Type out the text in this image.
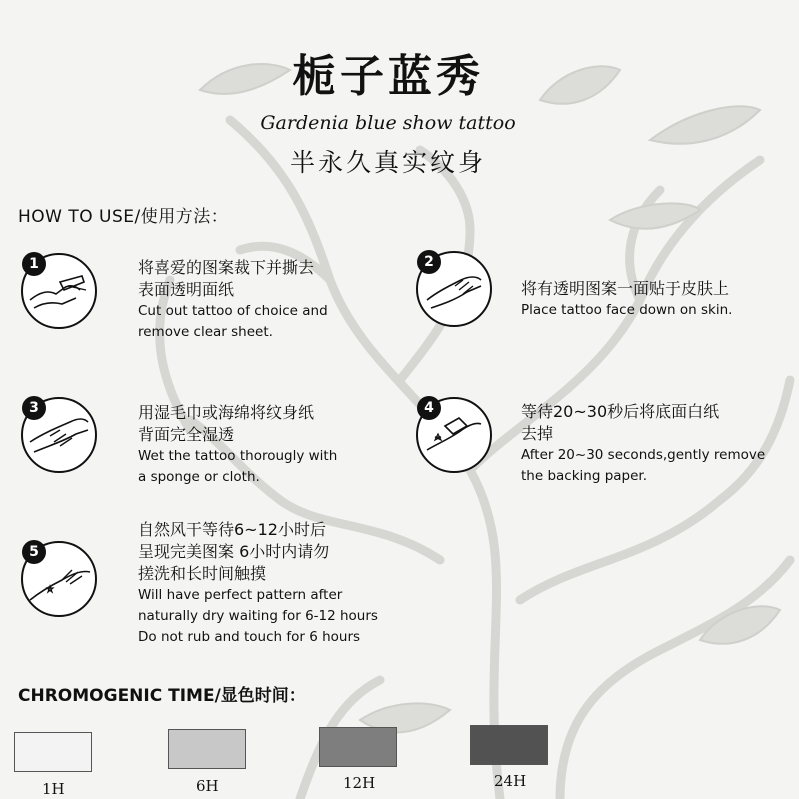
栀子蓝秀
Gardenia blue show tattoo
半永久真实纹身
HOW TO USE/使用方法：
1	将喜爱的图案裁下并撕去
表面透明面纸
Cut out tattoo of choice and
remove clear sheet.
2
将有透明图案一面贴于皮肤上
Place tattoo face down on skin.
3	用湿毛巾或海绵将纹身纸
背面完全湿透
Wet the tattoo thorougly with
a sponge or cloth.
4	等待20~30秒后将底面白纸
去掉
After 20~30 seconds,gently remove
the backing paper.
5
自然风干等待6~12小时后
呈现完美图案 6小时内请勿
搓洗和长时间触摸
Will have perfect pattern after
naturally dry waiting for 6-12 hours
Do not rub and touch for 6 hours
CHROMOGENIC TIME/显色时间：
1H	6H	12H	24H
